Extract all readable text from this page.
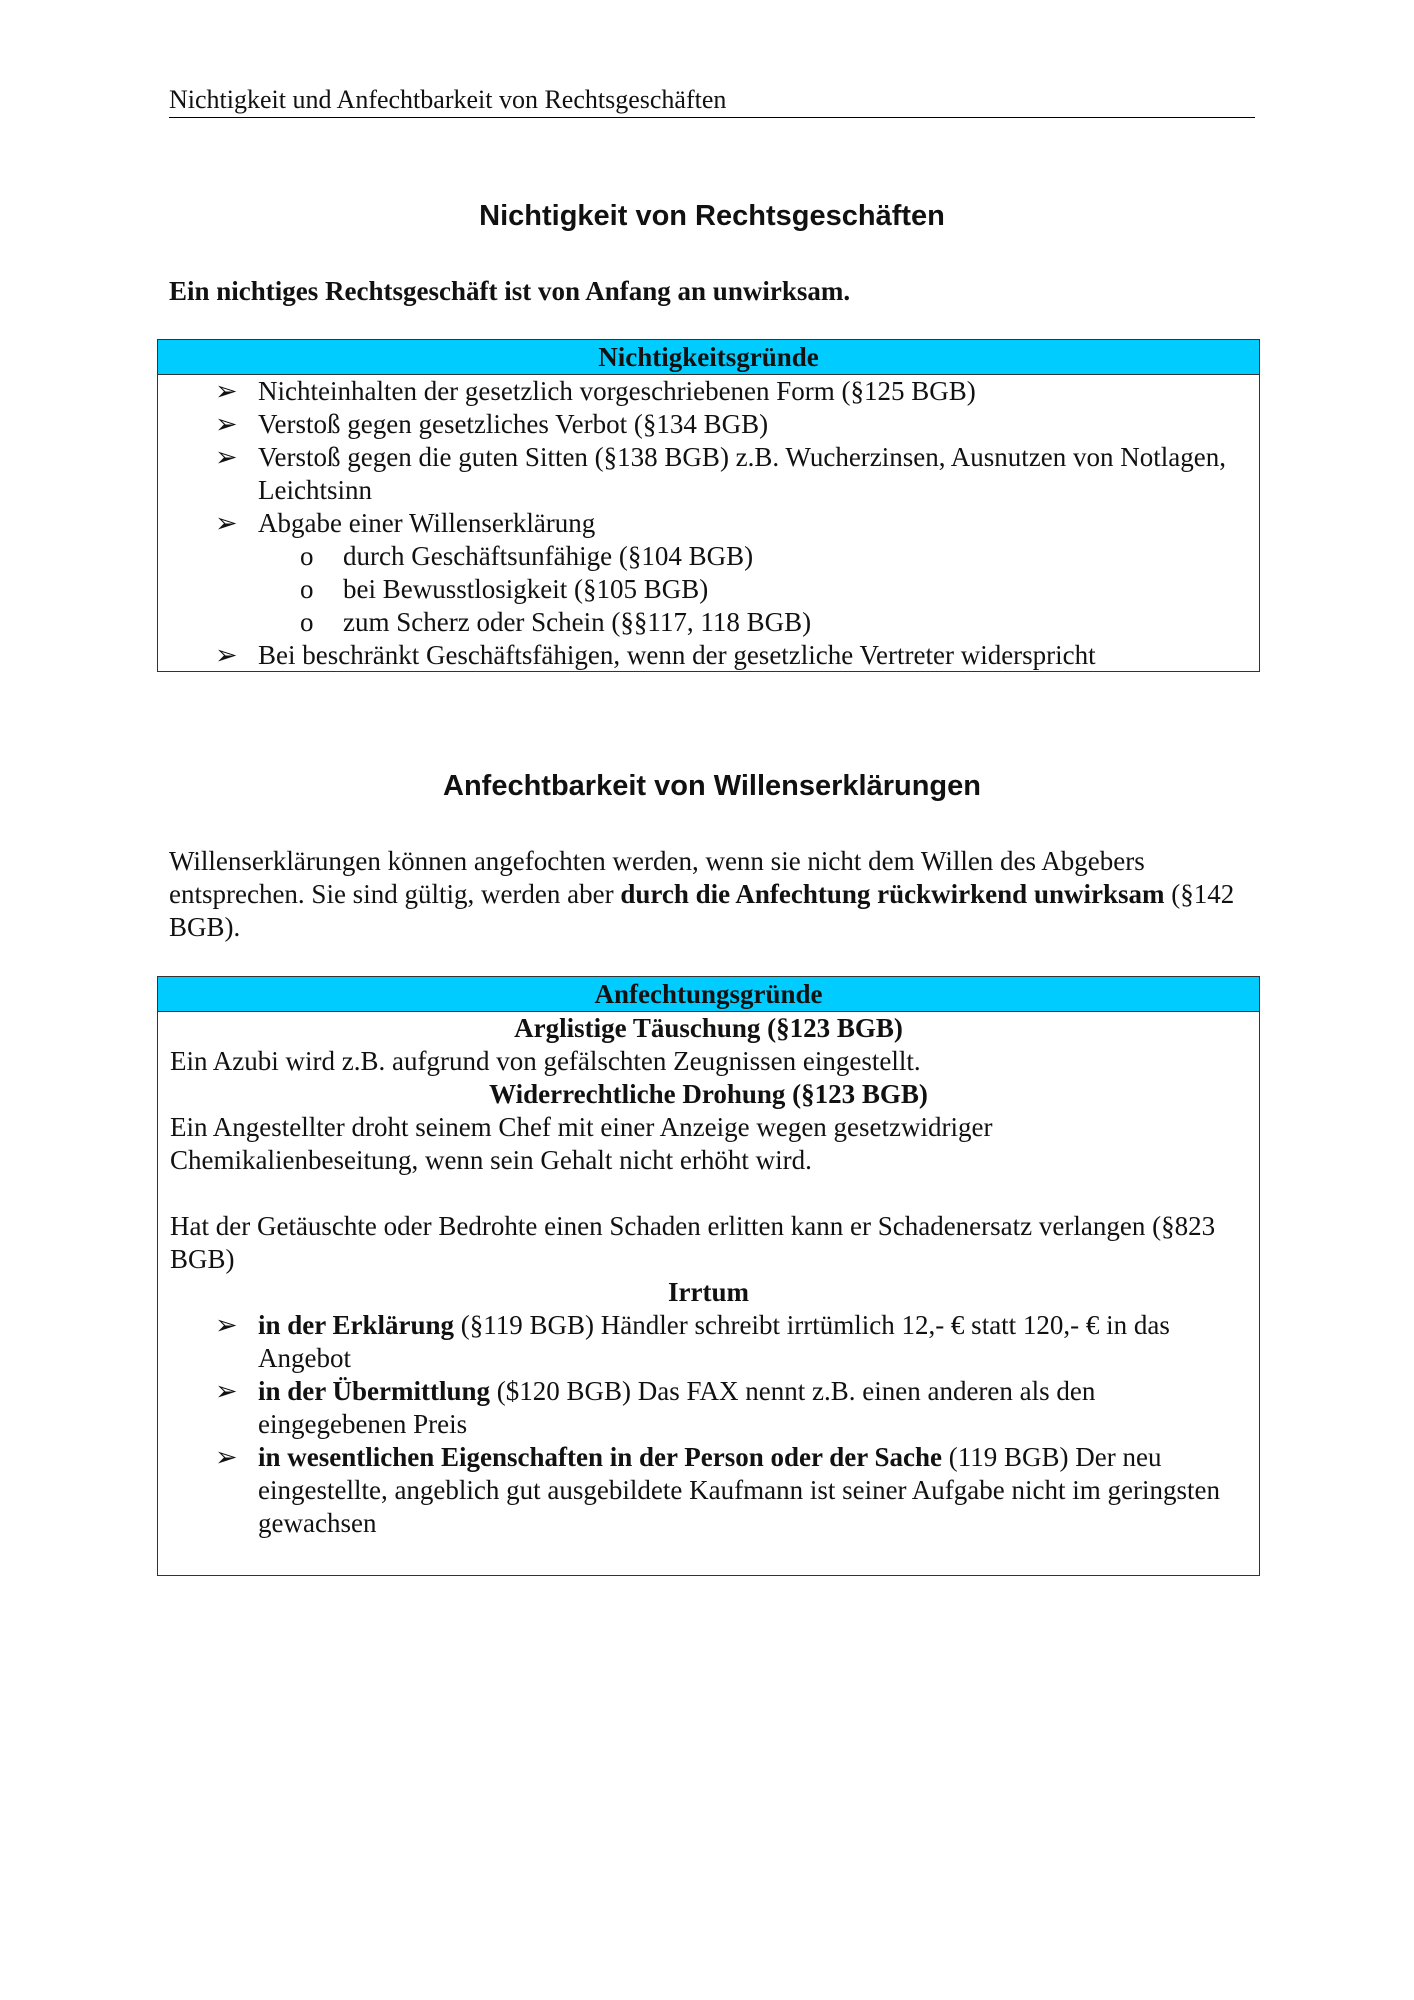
Nichtigkeit und Anfechtbarkeit von Rechtsgeschäften
Nichtigkeit von Rechtsgeschäften
Ein nichtiges Rechtsgeschäft ist von Anfang an unwirksam.
Nichtigkeitsgründe
➢ Nichteinhalten der gesetzlich vorgeschriebenen Form (§125 BGB)
➢ Verstoß gegen gesetzliches Verbot (§134 BGB)
➢ Verstoß gegen die guten Sitten (§138 BGB) z.B. Wucherzinsen, Ausnutzen von Notlagen, Leichtsinn
➢ Abgabe einer Willenserklärung
o durch Geschäftsunfähige (§104 BGB)
o bei Bewusstlosigkeit (§105 BGB)
o zum Scherz oder Schein (§§117, 118 BGB)
➢ Bei beschränkt Geschäftsfähigen, wenn der gesetzliche Vertreter widerspricht
Anfechtbarkeit von Willenserklärungen
Willenserklärungen können angefochten werden, wenn sie nicht dem Willen des Abgebers entsprechen. Sie sind gültig, werden aber durch die Anfechtung rückwirkend unwirksam (§142 BGB).
Anfechtungsgründe
Arglistige Täuschung (§123 BGB)
Ein Azubi wird z.B. aufgrund von gefälschten Zeugnissen eingestellt.
Widerrechtliche Drohung (§123 BGB)
Ein Angestellter droht seinem Chef mit einer Anzeige wegen gesetzwidriger Chemikalienbeseitung, wenn sein Gehalt nicht erhöht wird.
Hat der Getäuschte oder Bedrohte einen Schaden erlitten kann er Schadenersatz verlangen (§823 BGB)
Irrtum
➢ in der Erklärung (§119 BGB) Händler schreibt irrtümlich 12,- € statt 120,- € in das Angebot
➢ in der Übermittlung ($120 BGB) Das FAX nennt z.B. einen anderen als den eingegebenen Preis
➢ in wesentlichen Eigenschaften in der Person oder der Sache (119 BGB) Der neu eingestellte, angeblich gut ausgebildete Kaufmann ist seiner Aufgabe nicht im geringsten gewachsen
